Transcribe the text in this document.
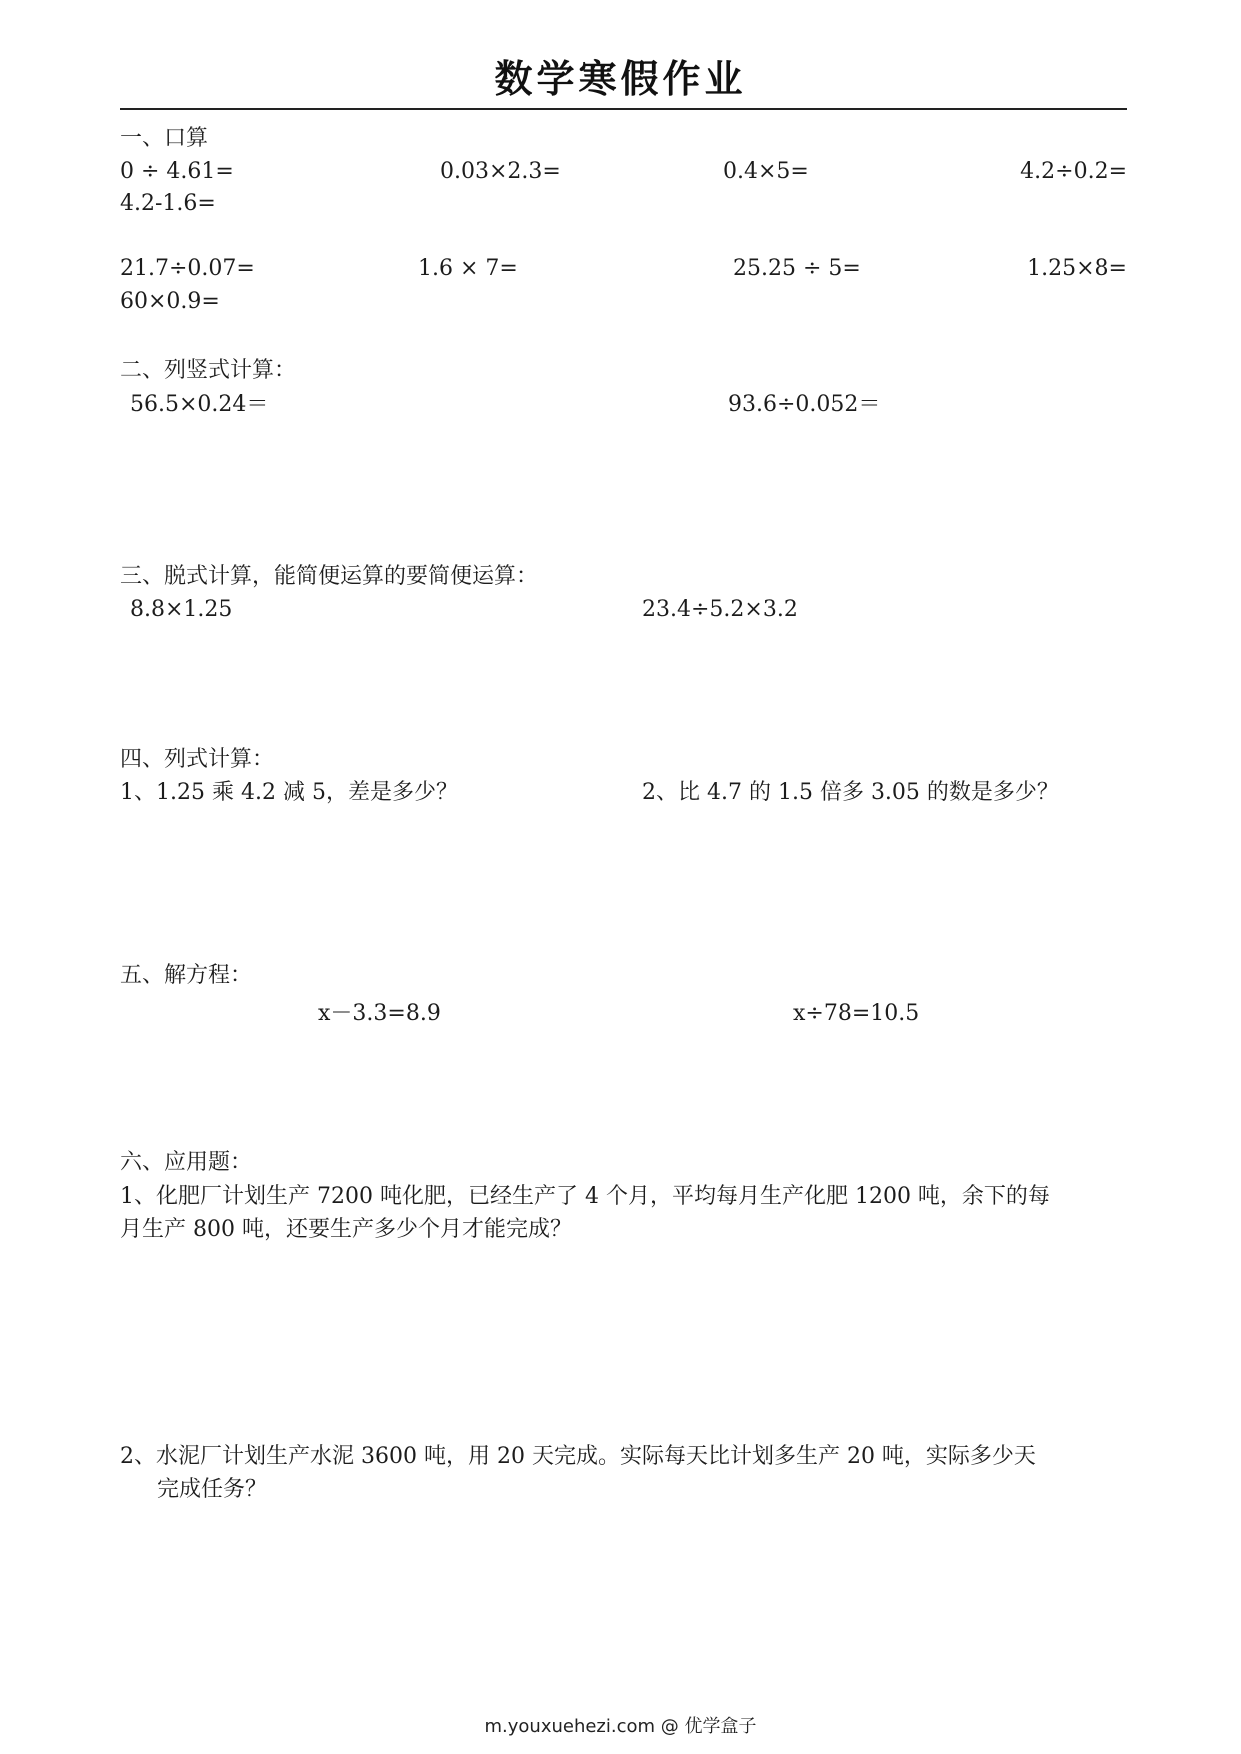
数学寒假作业
一、口算
0 ÷ 4.61=	0.03×2.3=	0.4×5=	4.2÷0.2=
4.2-1.6=
21.7÷0.07=	1.6 × 7=	25.25 ÷ 5=	1.25×8=
60×0.9=
二、列竖式计算：
56.5×0.24＝	93.6÷0.052＝
三、脱式计算，能简便运算的要简便运算：
8.8×1.25	23.4÷5.2×3.2
四、列式计算：
1、1.25 乘 4.2 减 5，差是多少？	2、比 4.7 的 1.5 倍多 3.05 的数是多少？
五、解方程：
x－3.3=8.9	x÷78=10.5
六、应用题：
1、化肥厂计划生产 7200 吨化肥，已经生产了 4 个月，平均每月生产化肥 1200 吨，余下的每
月生产 800 吨，还要生产多少个月才能完成？
2、水泥厂计划生产水泥 3600 吨，用 20 天完成。实际每天比计划多生产 20 吨，实际多少天
完成任务？
m.youxuehezi.com @ 优学盒子
